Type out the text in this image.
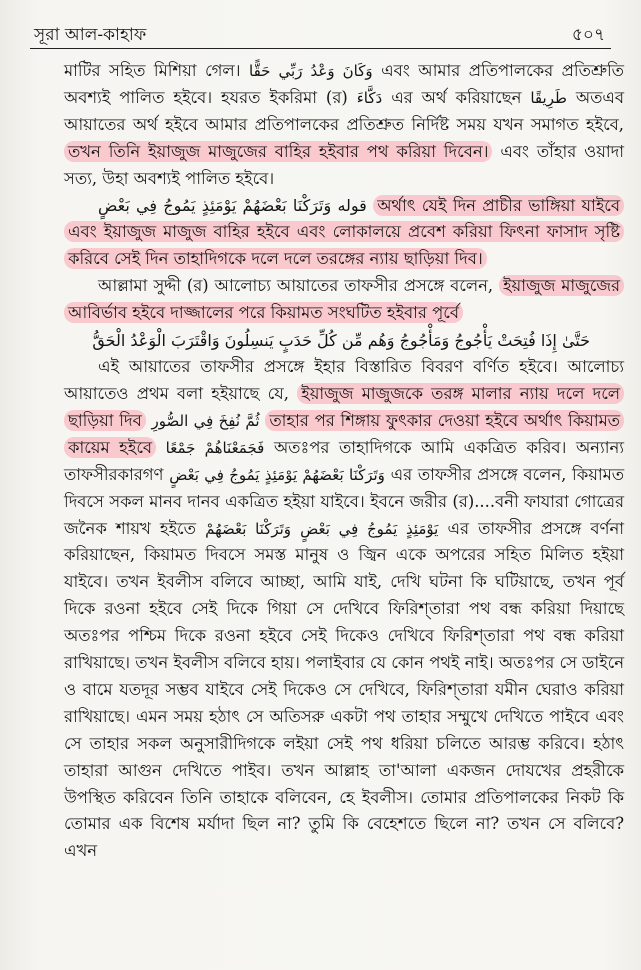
সূরা আল-কাহাফ	৫০৭

মাটির সহিত মিশিয়া গেল। وَكَانَ وَعْدُ رَبِّي حَقًّا এবং আমার প্রতিপালকের প্রতিশ্রুতি অবশ্যই পালিত হইবে। হযরত ইকরিমা (র) دَكَّاءَ এর অর্থ করিয়াছেন طَرِيقًا অতএব আয়াতের অর্থ হইবে আমার প্রতিপালকের প্রতিশ্রুত নির্দিষ্ট সময় যখন সমাগত হইবে, তখন তিনি ইয়াজুজ মাজুজের বাহির হইবার পথ করিয়া দিবেন। এবং তাঁহার ওয়াদা সত্য, উহা অবশ্যই পালিত হইবে।

قوله وَتَرَكْنَا بَعْضَهُمْ يَوْمَئِذٍ يَمُوجُ فِي بَعْضٍ অর্থাৎ যেই দিন প্রাচীর ভাঙ্গিয়া যাইবে এবং ইয়াজুজ মাজুজ বাহির হইবে এবং লোকালয়ে প্রবেশ করিয়া ফিৎনা ফাসাদ সৃষ্টি করিবে সেই দিন তাহাদিগকে দলে দলে তরঙ্গের ন্যায় ছাড়িয়া দিব।

আল্লামা সুদ্দী (র) আলোচ্য আয়াতের তাফসীর প্রসঙ্গে বলেন, ইয়াজুজ মাজুজের আবির্ভাব হইবে দাজ্জালের পরে কিয়ামত সংঘটিত হইবার পূর্বে
حَتَّىٰ إِذَا فُتِحَتْ يَأْجُوجُ وَمَأْجُوجُ وَهُم مِّن كُلِّ حَدَبٍ يَنسِلُونَ وَاقْتَرَبَ الْوَعْدُ الْحَقُّ

এই আয়াতের তাফসীর প্রসঙ্গে ইহার বিস্তারিত বিবরণ বর্ণিত হইবে। আলোচ্য আয়াতেও প্রথম বলা হইয়াছে যে, ইয়াজুজ মাজুজকে তরঙ্গ মালার ন্যায় দলে দলে ছাড়িয়া দিব ثُمَّ نُفِخَ فِي الصُّورِ তাহার পর শিঙ্গায় ফুৎকার দেওয়া হইবে অর্থাৎ কিয়ামত কায়েম হইবে فَجَمَعْنَاهُمْ جَمْعًا অতঃপর তাহাদিগকে আমি একত্রিত করিব। অন্যান্য তাফসীরকারগণ وَتَرَكْنَا بَعْضَهُمْ يَوْمَئِذٍ يَمُوجُ فِي بَعْضٍ এর তাফসীর প্রসঙ্গে বলেন, কিয়ামত দিবসে সকল মানব দানব একত্রিত হইয়া যাইবে। ইবনে জরীর (র)....বনী ফাযারা গোত্রের জনৈক শায়খ হইতে وَتَرَكْنَا بَعْضَهُمْ يَوْمَئِذٍ يَمُوجُ فِي بَعْضٍ এর তাফসীর প্রসঙ্গে বর্ণনা করিয়াছেন, কিয়ামত দিবসে সমস্ত মানুষ ও জ্বিন একে অপরের সহিত মিলিত হইয়া যাইবে। তখন ইবলীস বলিবে আচ্ছা, আমি যাই, দেখি ঘটনা কি ঘটিয়াছে, তখন পূর্ব দিকে রওনা হইবে সেই দিকে গিয়া সে দেখিবে ফিরিশ্‌তারা পথ বন্ধ করিয়া দিয়াছে অতঃপর পশ্চিম দিকে রওনা হইবে সেই দিকেও দেখিবে ফিরিশ্‌তারা পথ বন্ধ করিয়া রাখিয়াছে। তখন ইবলীস বলিবে হায়। পলাইবার যে কোন পথই নাই। অতঃপর সে ডাইনে ও বামে যতদূর সম্ভব যাইবে সেই দিকেও সে দেখিবে, ফিরিশ্‌তারা যমীন ঘেরাও করিয়া রাখিয়াছে। এমন সময় হঠাৎ সে অতিসরু একটা পথ তাহার সম্মুখে দেখিতে পাইবে এবং সে তাহার সকল অনুসারীদিগকে লইয়া সেই পথ ধরিয়া চলিতে আরম্ভ করিবে। হঠাৎ তাহারা আগুন দেখিতে পাইব। তখন আল্লাহ তা'আলা একজন দোযখের প্রহরীকে উপস্থিত করিবেন তিনি তাহাকে বলিবেন, হে ইবলীস। তোমার প্রতিপালকের নিকট কি তোমার এক বিশেষ মর্যাদা ছিল না? তুমি কি বেহেশতে ছিলে না? তখন সে বলিবে? এখন
